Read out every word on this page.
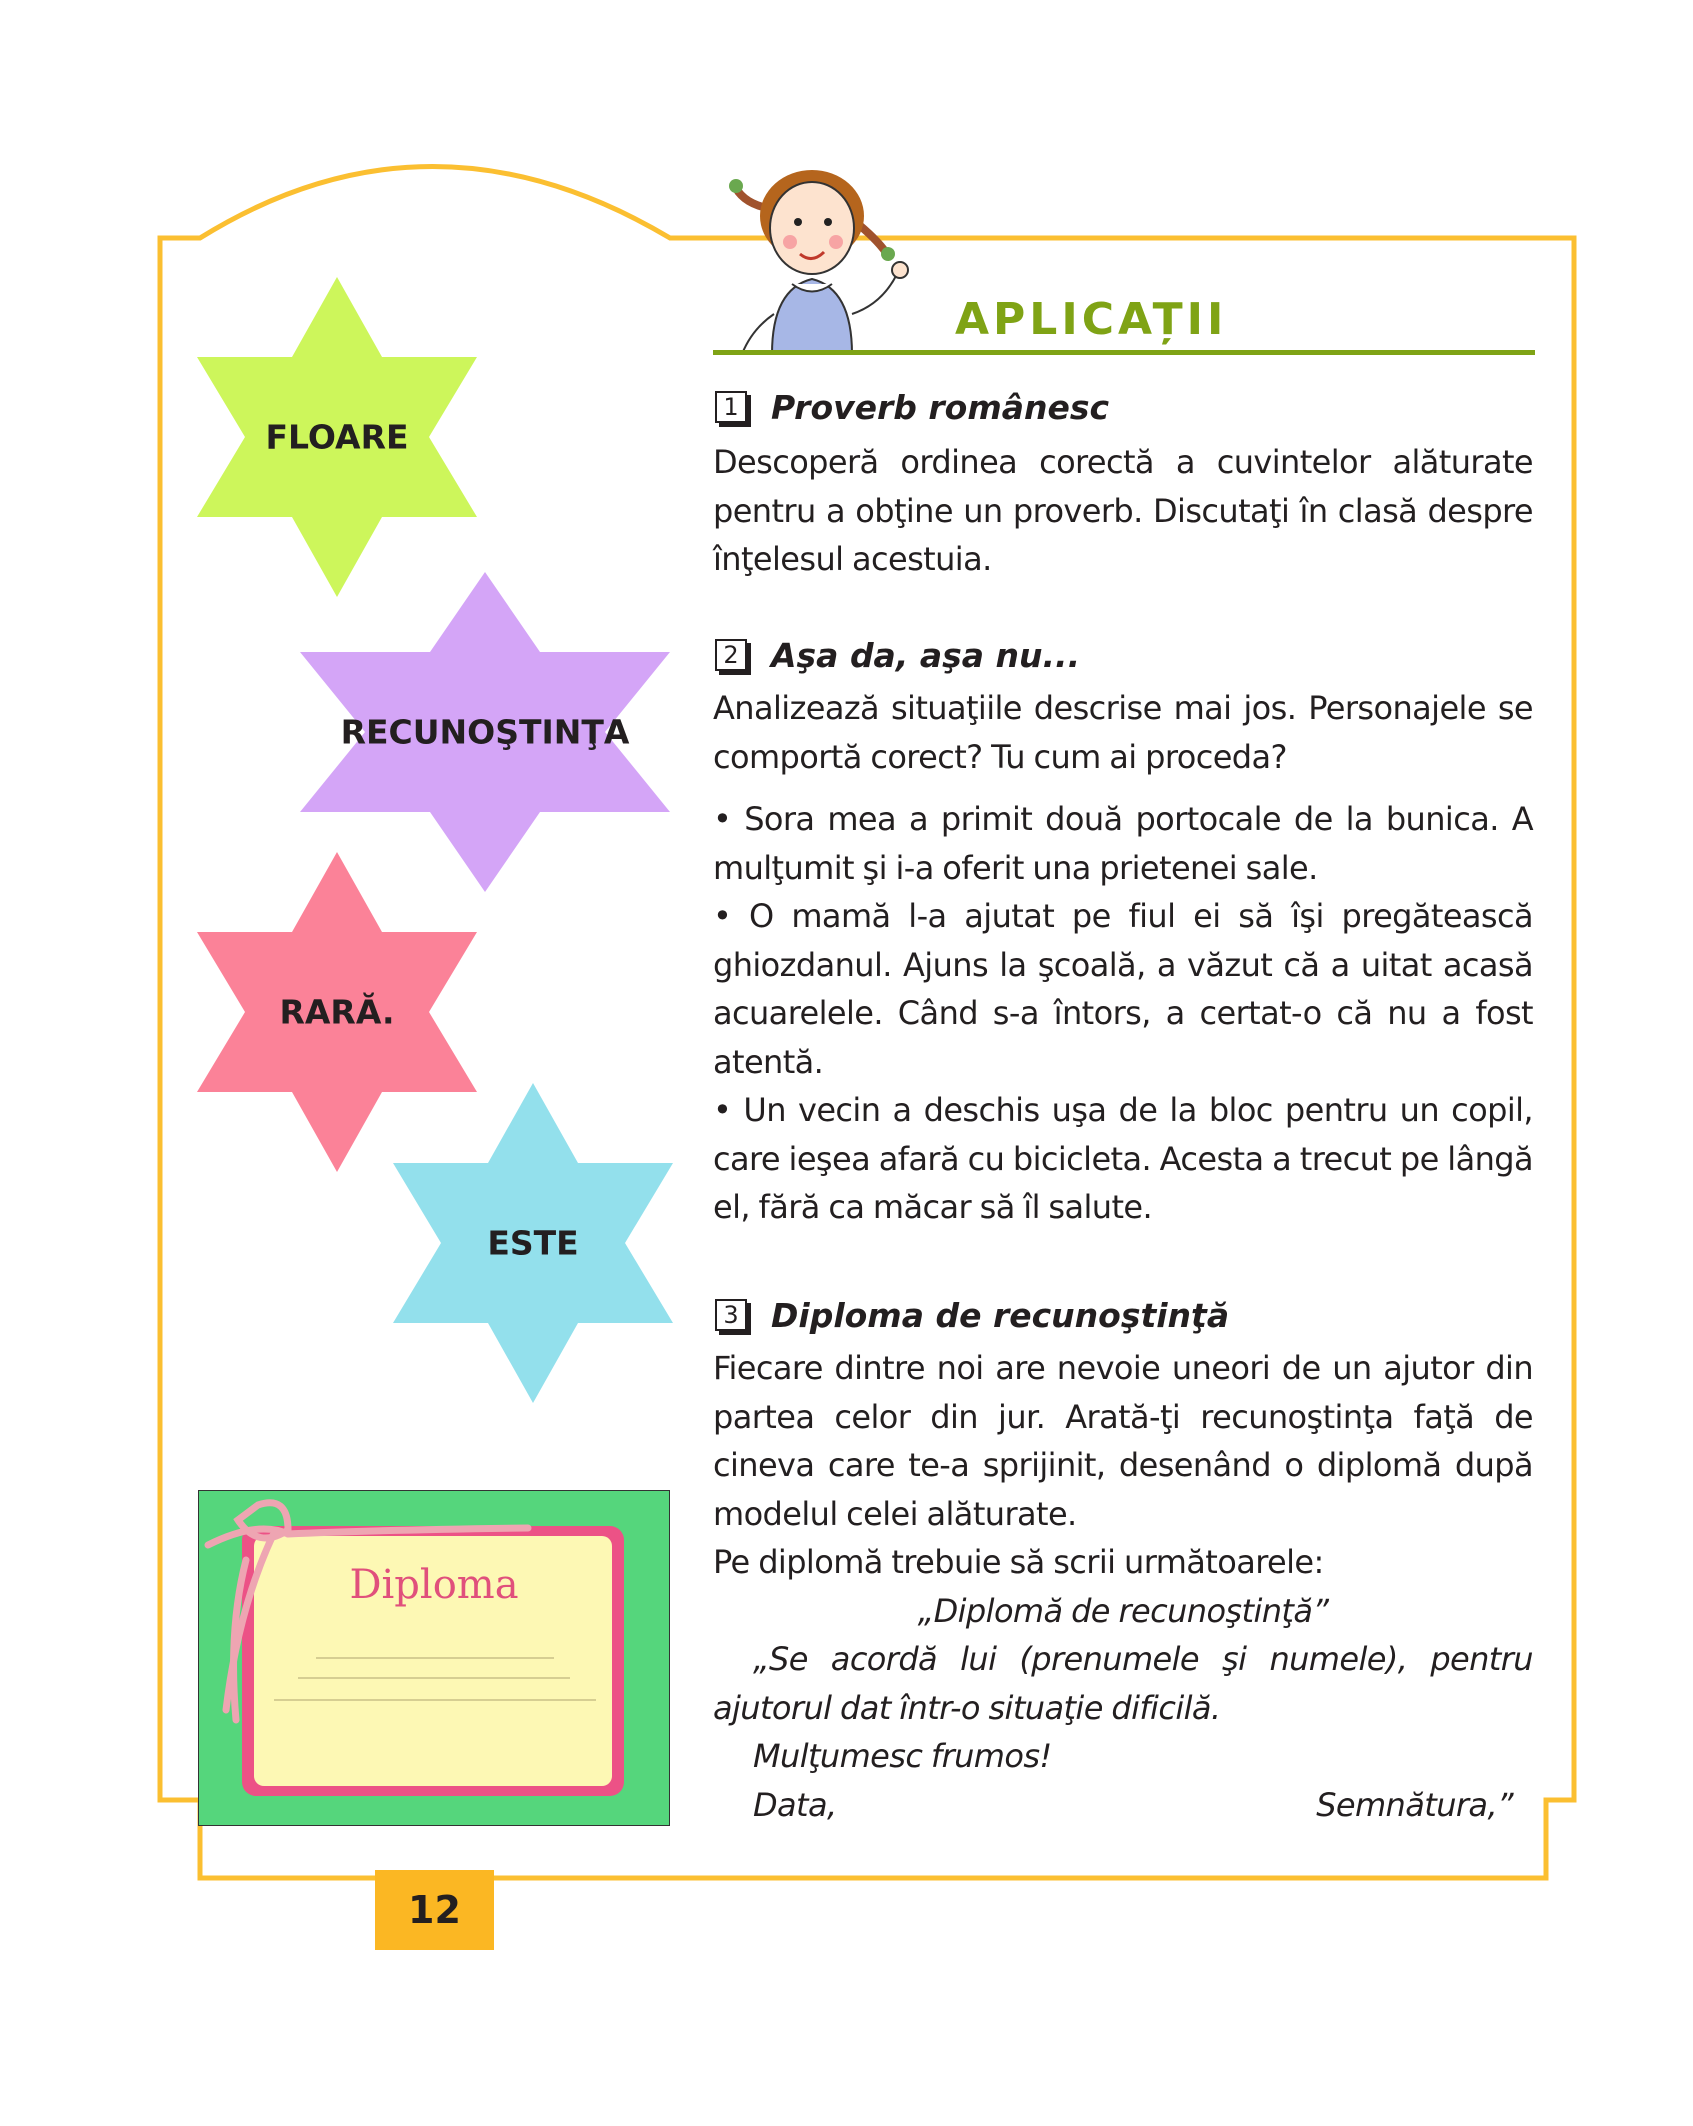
FLOARE
RECUNOŞTINŢA
RARĂ.
ESTE
APLICAȚII
1 Proverb românesc

Descoperă ordinea corectă a cuvintelor alăturate pentru a obţine un proverb. Discutaţi în clasă despre înţelesul acestuia.

2 Aşa da, aşa nu...

Analizează situaţiile descrise mai jos. Personajele se comportă corect? Tu cum ai proceda?

• Sora mea a primit două portocale de la bunica. A mulţumit şi i-a oferit una prietenei sale.

• O mamă l-a ajutat pe fiul ei să îşi pregătească ghiozdanul. Ajuns la şcoală, a văzut că a uitat acasă acuarelele. Când s-a întors, a certat-o că nu a fost atentă.

• Un vecin a deschis uşa de la bloc pentru un copil, care ieşea afară cu bicicleta. Acesta a trecut pe lângă el, fără ca măcar să îl salute.

3 Diploma de recunoştinţă

Fiecare dintre noi are nevoie uneori de un ajutor din partea celor din jur. Arată-ţi recunoştinţa faţă de cineva care te-a sprijinit, desenând o diplomă după modelul celei alăturate.

Pe diplomă trebuie să scrii următoarele:

„Diplomă de recunoştinţă”

„Se acordă lui (prenumele şi numele), pentru ajutorul dat într-o situaţie dificilă.

Mulţumesc frumos!

Data,	Semnătura,”
Diploma
12
